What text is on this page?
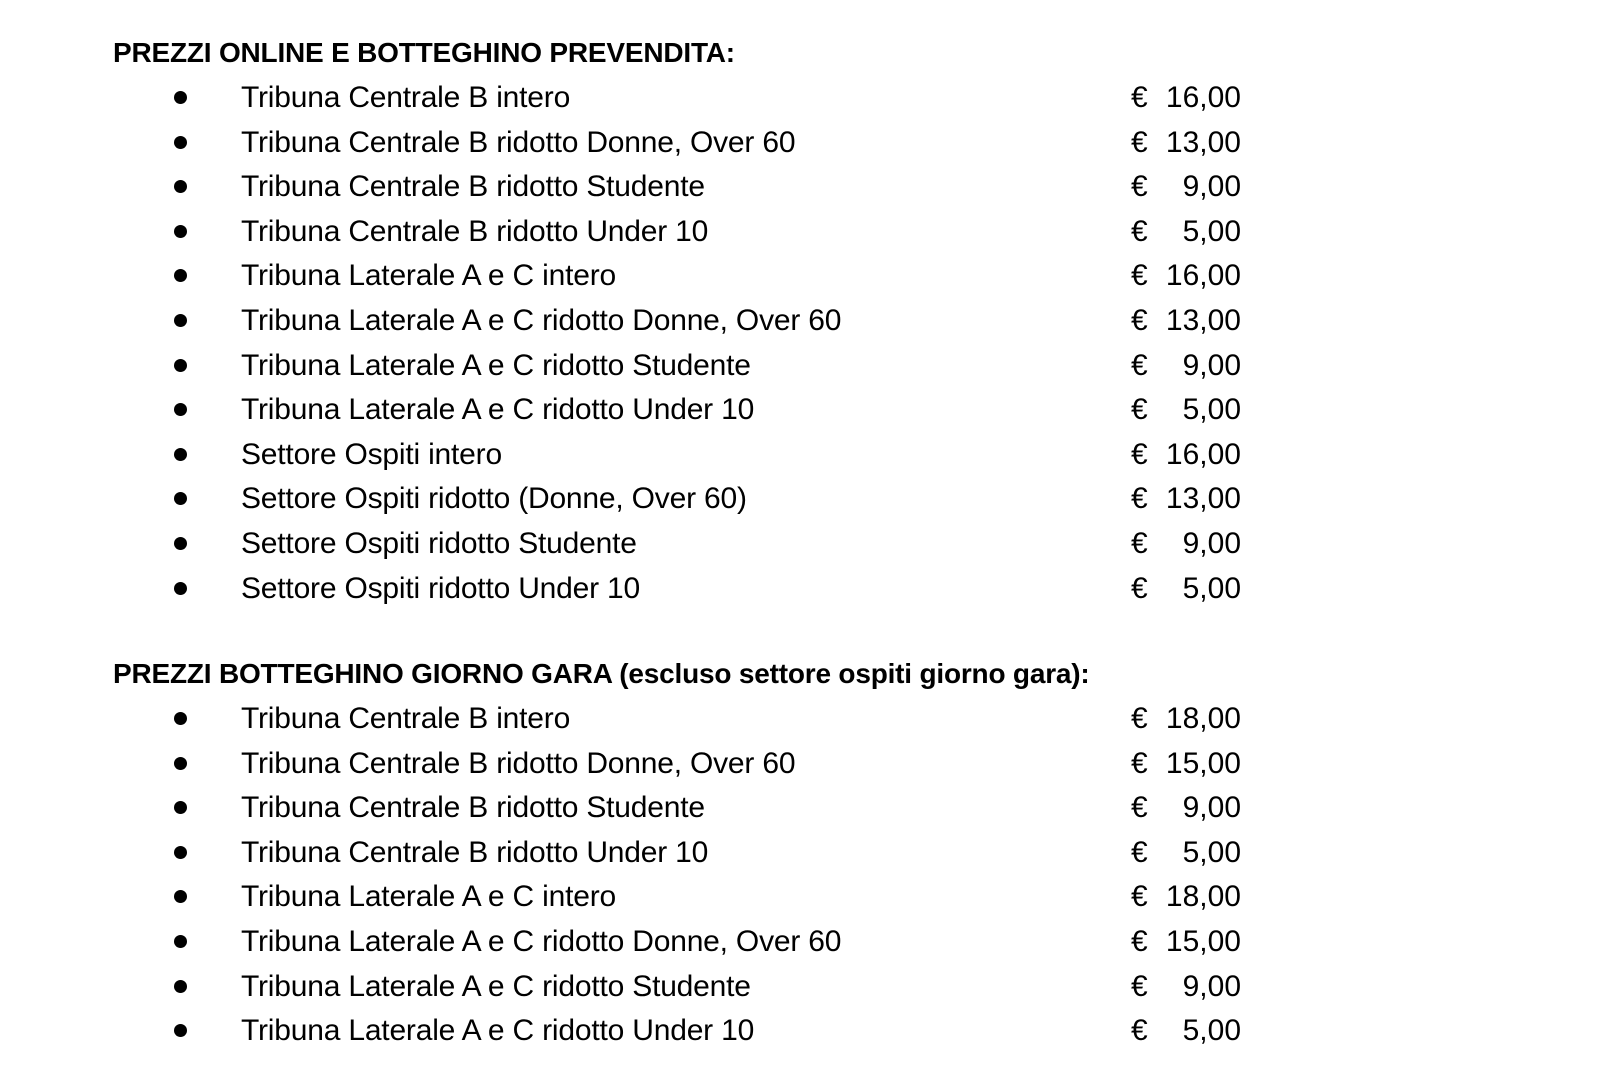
PREZZI ONLINE E BOTTEGHINO PREVENDITA:
Tribuna Centrale B intero	€ 16,00
Tribuna Centrale B ridotto Donne, Over 60	€ 13,00
Tribuna Centrale B ridotto Studente	€ 9,00
Tribuna Centrale B ridotto Under 10	€ 5,00
Tribuna Laterale A e C intero	€ 16,00
Tribuna Laterale A e C ridotto Donne, Over 60	€ 13,00
Tribuna Laterale A e C ridotto Studente	€ 9,00
Tribuna Laterale A e C ridotto Under 10	€ 5,00
Settore Ospiti intero	€ 16,00
Settore Ospiti ridotto (Donne, Over 60)	€ 13,00
Settore Ospiti ridotto Studente	€ 9,00
Settore Ospiti ridotto Under 10	€ 5,00
PREZZI BOTTEGHINO GIORNO GARA (escluso settore ospiti giorno gara):
Tribuna Centrale B intero	€ 18,00
Tribuna Centrale B ridotto Donne, Over 60	€ 15,00
Tribuna Centrale B ridotto Studente	€ 9,00
Tribuna Centrale B ridotto Under 10	€ 5,00
Tribuna Laterale A e C intero	€ 18,00
Tribuna Laterale A e C ridotto Donne, Over 60	€ 15,00
Tribuna Laterale A e C ridotto Studente	€ 9,00
Tribuna Laterale A e C ridotto Under 10	€ 5,00
